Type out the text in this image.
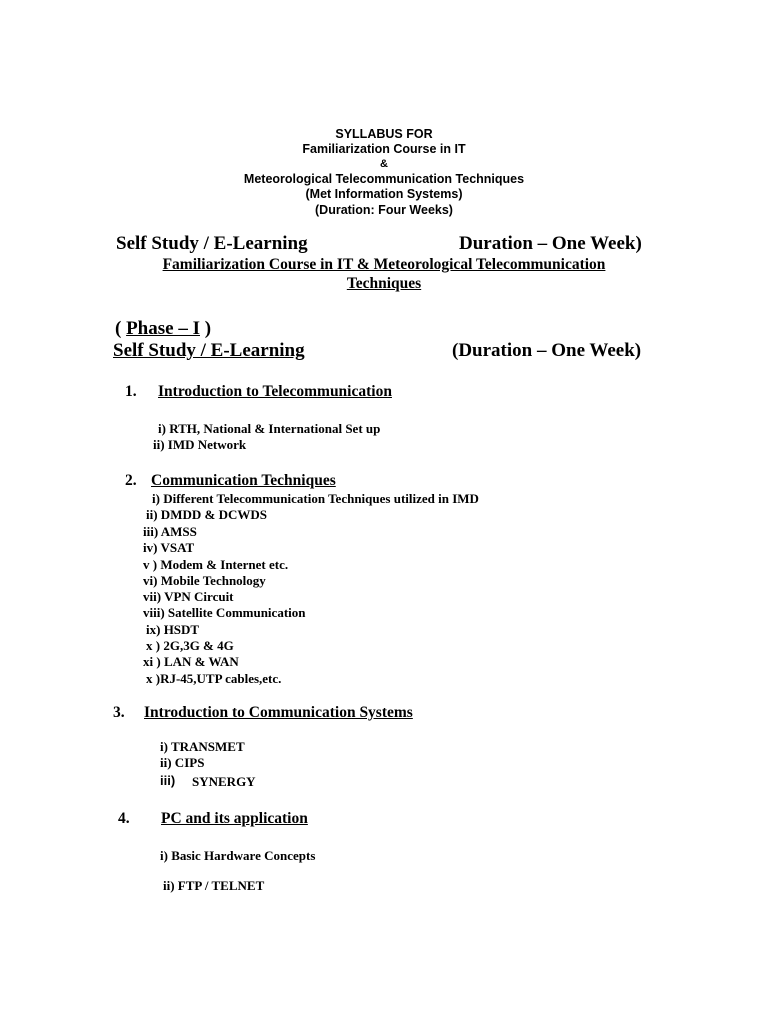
SYLLABUS FOR
Familiarization Course in IT
&
Meteorological Telecommunication Techniques
(Met Information Systems)
(Duration: Four Weeks)
Self Study / E-Learning	Duration – One Week)
Familiarization Course in IT & Meteorological Telecommunication
Techniques
( Phase – I )
Self Study / E-Learning	(Duration – One Week)
1. Introduction to Telecommunication
i) RTH, National & International Set up
ii) IMD Network
2. Communication Techniques
i) Different Telecommunication Techniques utilized in IMD
ii) DMDD & DCWDS
iii) AMSS
iv) VSAT
v ) Modem & Internet etc.
vi) Mobile Technology
vii) VPN Circuit
viii) Satellite Communication
ix) HSDT
x ) 2G,3G & 4G
xi ) LAN & WAN
x )RJ-45,UTP cables,etc.
3. Introduction to Communication Systems
i) TRANSMET
ii) CIPS
iii) SYNERGY
4. PC and its application
i) Basic Hardware Concepts
ii) FTP / TELNET
